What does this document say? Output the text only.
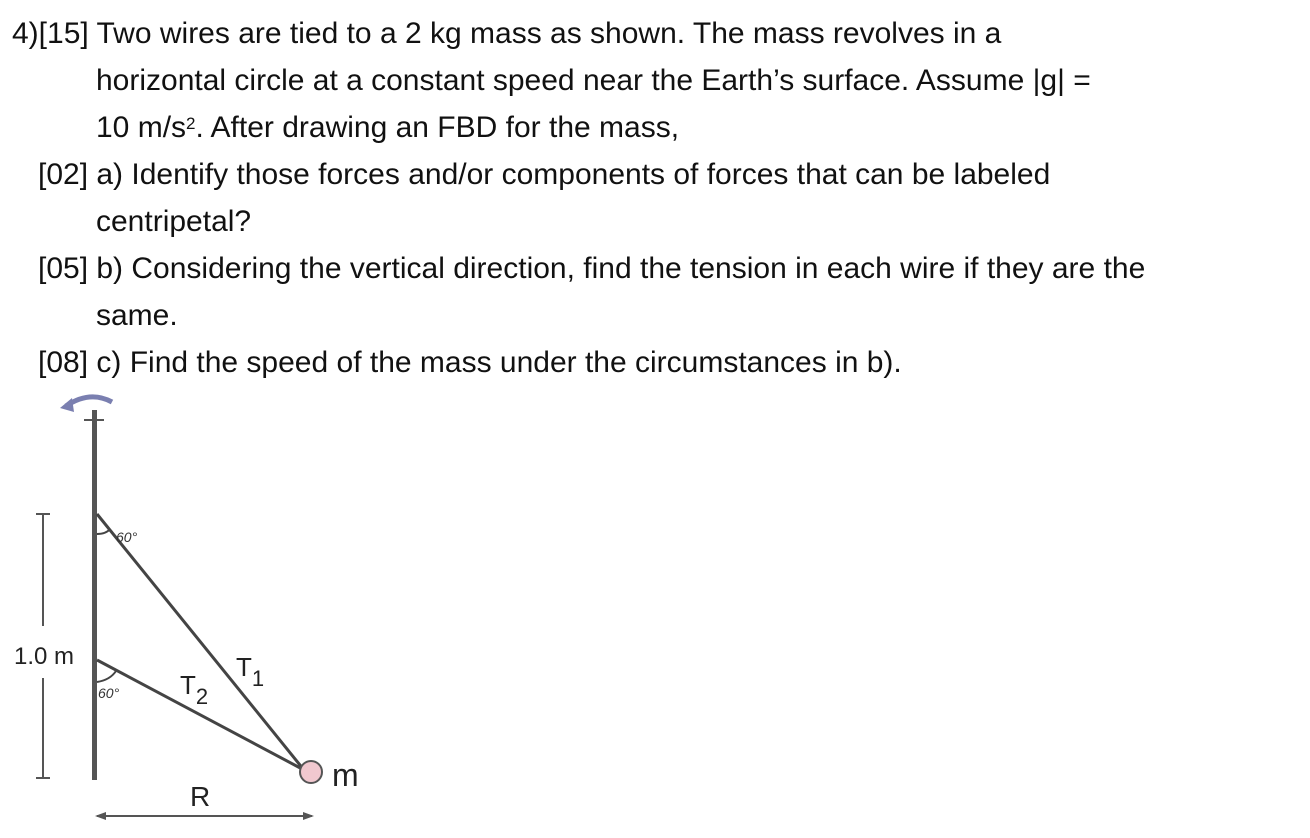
4)[15] Two wires are tied to a 2 kg mass as shown. The mass revolves in a
horizontal circle at a constant speed near the Earth’s surface. Assume |g| =
10 $m/s^2$. After drawing an FBD for the mass,
[02] a) Identify those forces and/or components of forces that can be labeled
centripetal?
[05] b) Considering the vertical direction, find the tension in each wire if they are the
same.
[08] c) Find the speed of the mass under the circumstances in b).
1.0 m
60°
60° $T_2$
$T_1$
m
R
